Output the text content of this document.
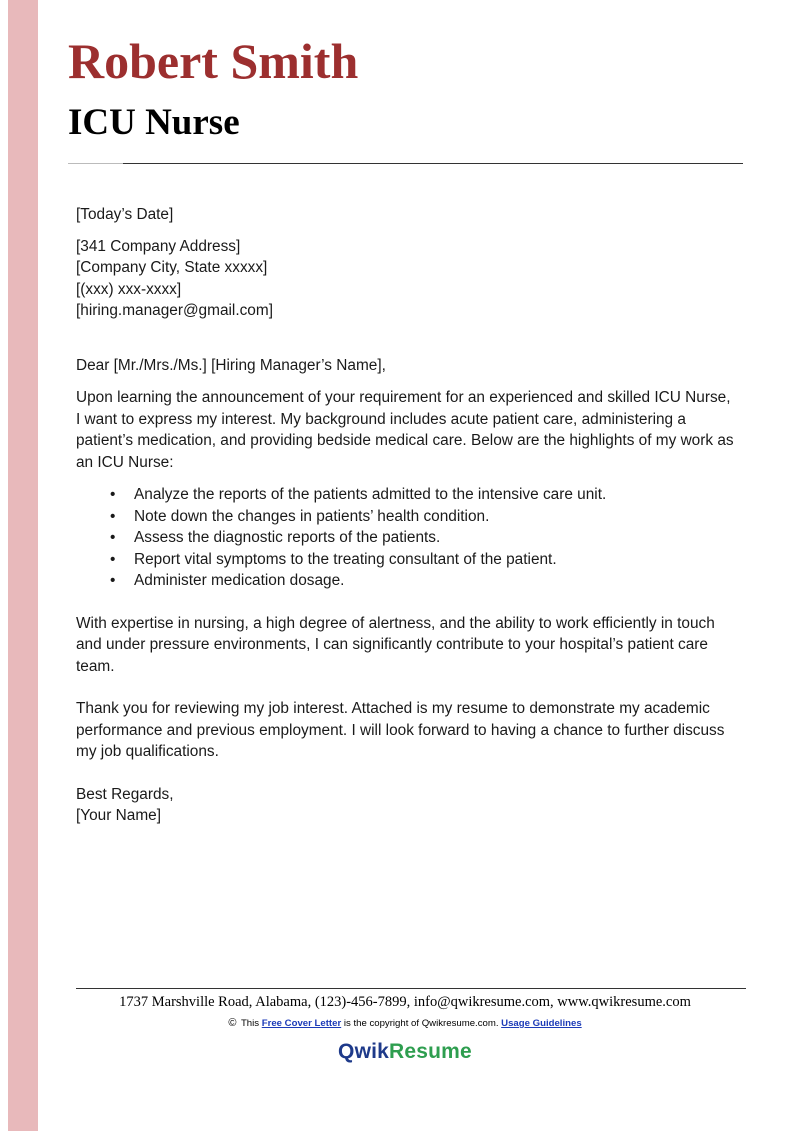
Robert Smith
ICU Nurse

[Today’s Date]

[341 Company Address]

[Company City, State xxxxx]

[(xxx) xxx-xxxx]

[hiring.manager@gmail.com]

Dear [Mr./Mrs./Ms.] [Hiring Manager’s Name],

Upon learning the announcement of your requirement for an experienced and skilled ICU Nurse, I want to express my interest. My background includes acute patient care, administering a patient’s medication, and providing bedside medical care. Below are the highlights of my work as an ICU Nurse:

• Analyze the reports of the patients admitted to the intensive care unit.
• Note down the changes in patients’ health condition.
• Assess the diagnostic reports of the patients.
• Report vital symptoms to the treating consultant of the patient.
• Administer medication dosage.

With expertise in nursing, a high degree of alertness, and the ability to work efficiently in touch and under pressure environments, I can significantly contribute to your hospital’s patient care team.

Thank you for reviewing my job interest. Attached is my resume to demonstrate my academic performance and previous employment. I will look forward to having a chance to further discuss my job qualifications.

Best Regards,

[Your Name]

1737 Marshville Road, Alabama, (123)-456-7899, info@qwikresume.com, www.qwikresume.com
© This Free Cover Letter is the copyright of Qwikresume.com. Usage Guidelines
QwikResume
